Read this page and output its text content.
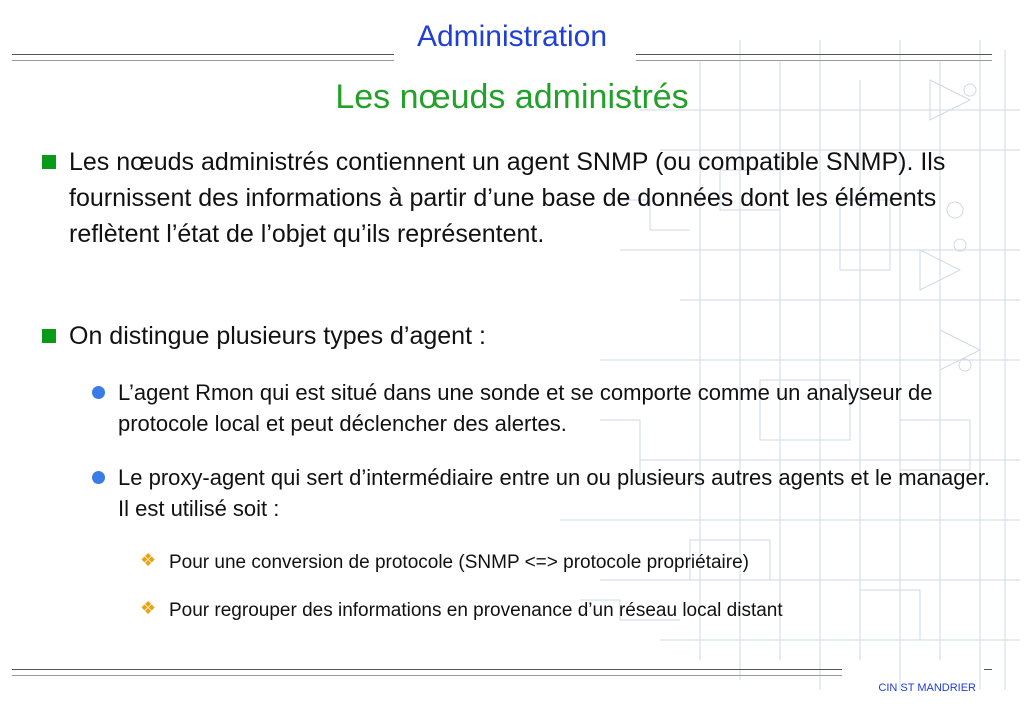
Administration
Les nœuds administrés
Les nœuds administrés contiennent un agent SNMP (ou compatible SNMP). Ils fournissent des informations à partir d’une base de données dont les éléments reflètent l’état de l’objet qu’ils représentent.
On distingue plusieurs types d’agent :
L’agent Rmon qui est situé dans une sonde et se comporte comme un analyseur de protocole local et peut déclencher des alertes.
Le proxy-agent qui sert d’intermédiaire entre un ou plusieurs autres agents et le manager. Il est utilisé soit :
❖ Pour une conversion de protocole (SNMP <=> protocole propriétaire)
❖ Pour regrouper des informations en provenance d’un réseau local distant
CIN ST MANDRIER
